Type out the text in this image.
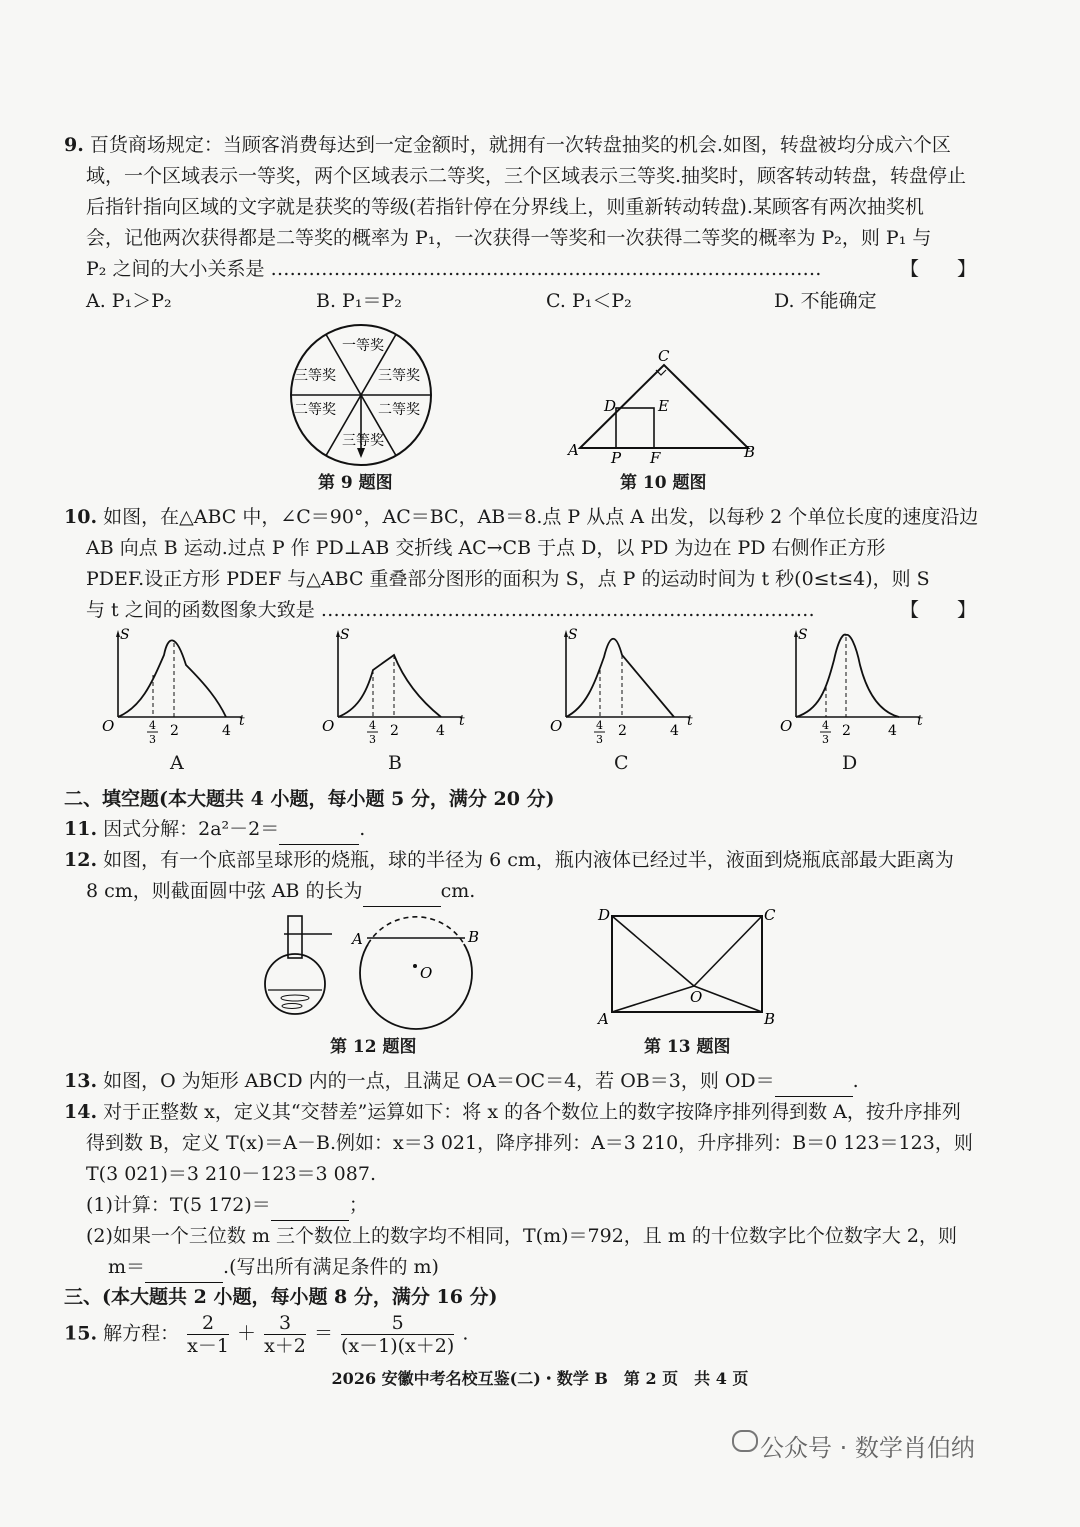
9. 百货商场规定：当顾客消费每达到一定金额时，就拥有一次转盘抽奖的机会.如图，转盘被均分成六个区
域，一个区域表示一等奖，两个区域表示二等奖，三个区域表示三等奖.抽奖时，顾客转动转盘，转盘停止
后指针指向区域的文字就是获奖的等级(若指针停在分界线上，则重新转动转盘).某顾客有两次抽奖机
会，记他两次获得都是二等奖的概率为 P₁，一次获得一等奖和一次获得二等奖的概率为 P₂，则 P₁ 与
P₂ 之间的大小关系是 ……………………………………………………………………………	【　　】
A. P₁＞P₂	B. P₁＝P₂	C. P₁＜P₂	D. 不能确定
一等奖
三等奖	三等奖
二等奖	二等奖
三等奖
第 9 题图
C
D	E
A	B
P F
第 10 题图
10. 如图，在△ABC 中，∠C＝90°，AC＝BC，AB＝8.点 P 从点 A 出发，以每秒 2 个单位长度的速度沿边
AB 向点 B 运动.过点 P 作 PD⊥AB 交折线 AC→CB 于点 D，以 PD 为边在 PD 右侧作正方形
PDEF.设正方形 PDEF 与△ABC 重叠部分图形的面积为 S，点 P 的运动时间为 t 秒(0≤t≤4)，则 S
与 t 之间的函数图象大致是 ……………………………………………………………………	【　　】
S
t
O	4
3
2	4
S
t
O	4
3
2	4
S
t
O	4
3
2	4
S
t
O	4
3
2	4
A	B	C	D
二、填空题(本大题共 4 小题，每小题 5 分，满分 20 分)
11. 因式分解：2a²－2＝	.
12. 如图，有一个底部呈球形的烧瓶，球的半径为 6 cm，瓶内液体已经过半，液面到烧瓶底部最大距离为
8 cm，则截面圆中弦 AB 的长为	cm.
A	B
O
第 12 题图
D	C
A	B
O
第 13 题图
13. 如图，O 为矩形 ABCD 内的一点，且满足 OA＝OC＝4，若 OB＝3，则 OD＝	.
14. 对于正整数 x，定义其“交替差”运算如下：将 x 的各个数位上的数字按降序排列得到数 A，按升序排列
得到数 B，定义 T(x)＝A－B.例如：x＝3 021，降序排列：A＝3 210，升序排列：B＝0 123＝123，则
T(3 021)＝3 210－123＝3 087.
(1)计算：T(5 172)＝	；
(2)如果一个三位数 m 三个数位上的数字均不相同，T(m)＝792，且 m 的十位数字比个位数字大 2，则
m＝	.(写出所有满足条件的 m)
三、(本大题共 2 小题，每小题 8 分，满分 16 分)
15. 解方程： $\frac{2}{x-1} + \frac{3}{x+2} = \frac{5}{(x-1)(x+2)}$ .
2026 安徽中考名校互鉴(二)・数学 B　第 2 页　共 4 页
公众号 · 数学肖伯纳
